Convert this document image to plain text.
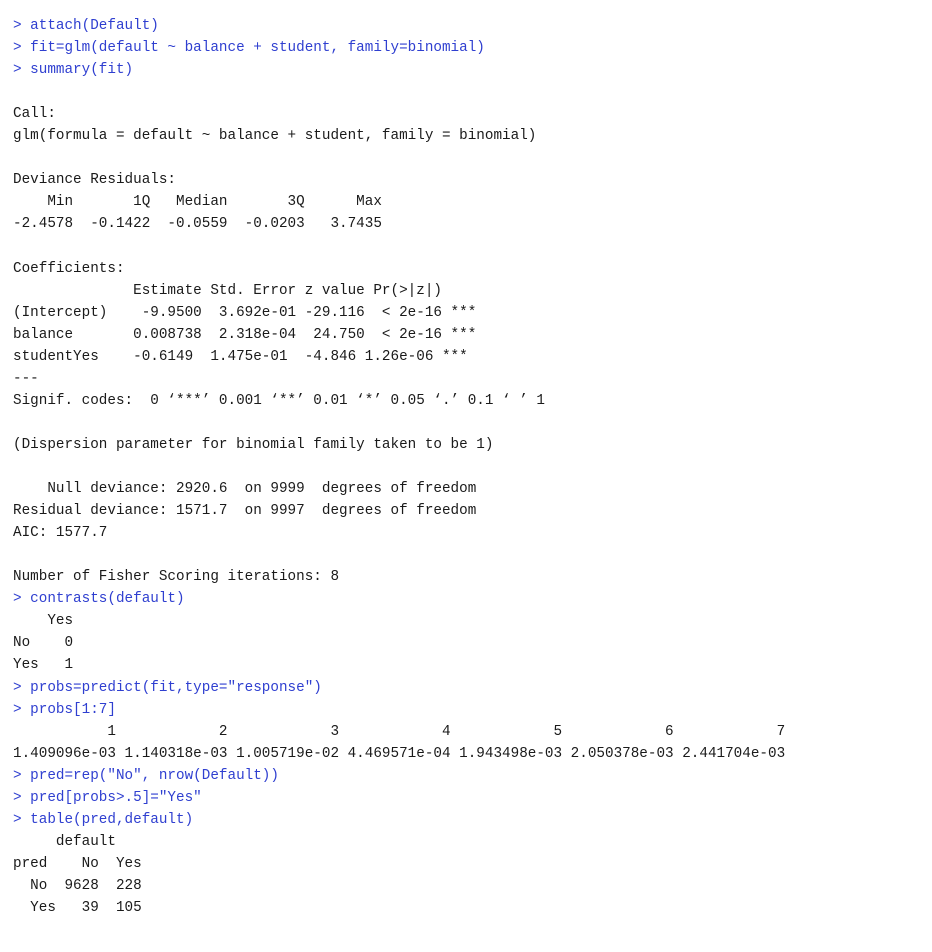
> attach(Default)
> fit=glm(default ~ balance + student, family=binomial)
> summary(fit)
Call:
glm(formula = default ~ balance + student, family = binomial)
Deviance Residuals:
Min       1Q   Median       3Q      Max
-2.4578  -0.1422  -0.0559  -0.0203   3.7435
Coefficients:
Estimate Std. Error z value Pr(>|z|)
(Intercept)    -9.9500  3.692e-01 -29.116  < 2e-16 ***
balance       0.008738  2.318e-04  24.750  < 2e-16 ***
studentYes    -0.6149  1.475e-01  -4.846 1.26e-06 ***
---
Signif. codes:  0 ‘***’ 0.001 ‘**’ 0.01 ‘*’ 0.05 ‘.’ 0.1 ‘ ’ 1
(Dispersion parameter for binomial family taken to be 1)
Null deviance: 2920.6  on 9999  degrees of freedom
Residual deviance: 1571.7  on 9997  degrees of freedom
AIC: 1577.7
Number of Fisher Scoring iterations: 8
> contrasts(default)
Yes
No    0
Yes   1
> probs=predict(fit,type="response")
> probs[1:7]
1            2            3            4            5            6            7
1.409096e-03 1.140318e-03 1.005719e-02 4.469571e-04 1.943498e-03 2.050378e-03 2.441704e-03
> pred=rep("No", nrow(Default))
> pred[probs>.5]="Yes"
> table(pred,default)
default
pred    No  Yes
No  9628  228
Yes   39  105
